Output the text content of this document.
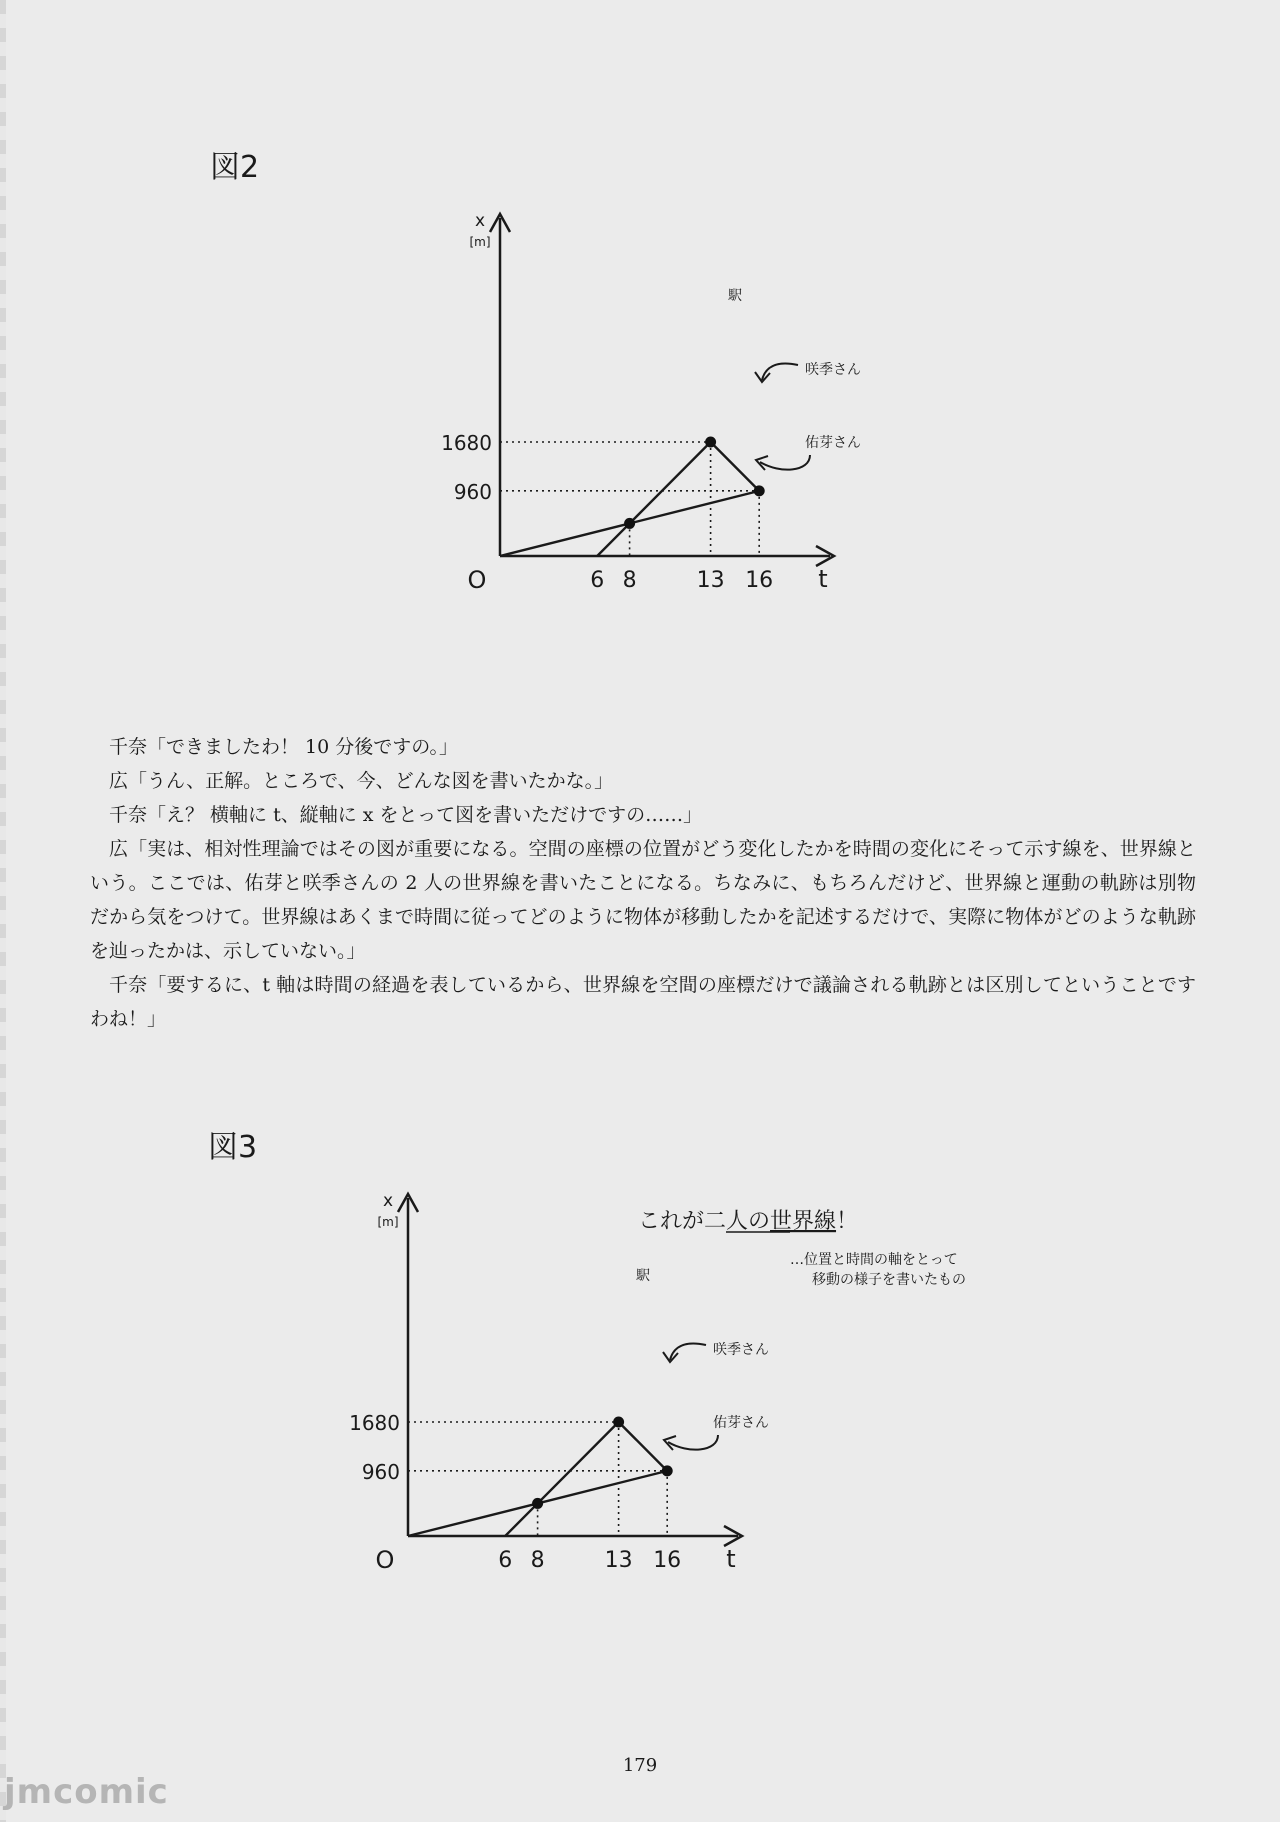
図2
x
[m]
O	t
駅
咲季さん
佑芽さん
6 8	13 16
960
1680

千奈「できましたわ！ 10 分後ですの。」

広「うん、正解。ところで、今、どんな図を書いたかな。」

千奈「え？ 横軸に t、縦軸に x をとって図を書いただけですの……」

広「実は、相対性理論ではその図が重要になる。空間の座標の位置がどう変化したかを時間の変化にそって示す線を、世界線という。ここでは、佑芽と咲季さんの 2 人の世界線を書いたことになる。ちなみに、もちろんだけど、世界線と運動の軌跡は別物だから気をつけて。世界線はあくまで時間に従ってどのように物体が移動したかを記述するだけで、実際に物体がどのような軌跡を辿ったかは、示していない。」

千奈「要するに、t 軸は時間の経過を表しているから、世界線を空間の座標だけで議論される軌跡とは区別してということですわね！」

図3
x
[m]
O	t
駅
咲季さん
佑芽さん
これが二人の世界線！
…位置と時間の軸をとって
移動の様子を書いたもの
6 8	13 16
960
1680
179
jmcomic
